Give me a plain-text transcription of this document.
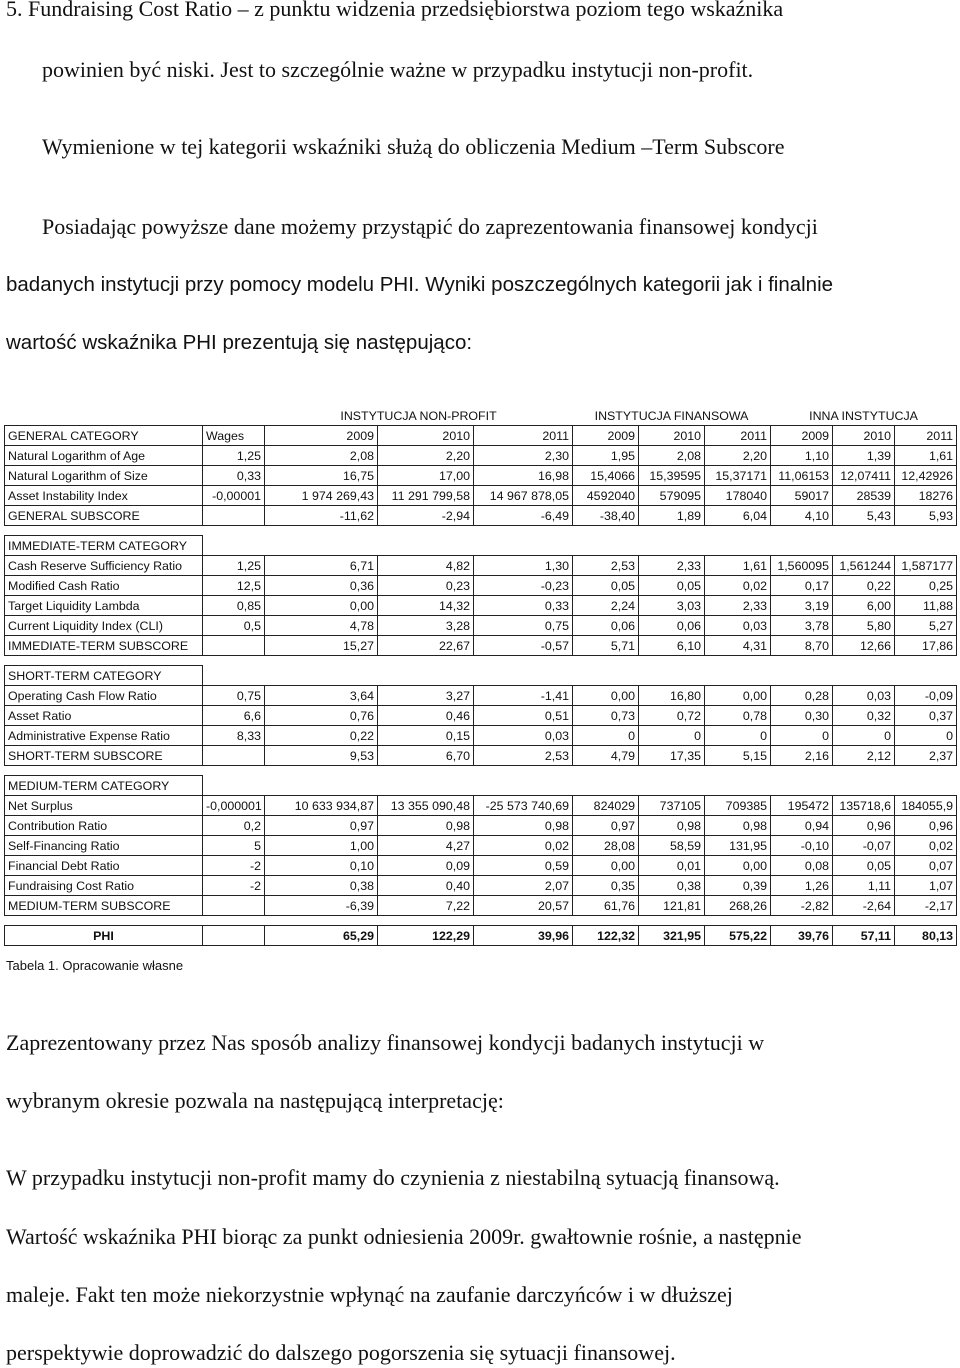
5. Fundraising Cost Ratio – z punktu widzenia przedsiębiorstwa poziom tego wskaźnika
powinien być niski. Jest to szczególnie ważne w przypadku instytucji non-profit.
Wymienione w tej kategorii wskaźniki służą do obliczenia Medium –Term Subscore
Posiadając powyższe dane możemy przystąpić do zaprezentowania finansowej kondycji
badanych instytucji przy pomocy modelu PHI. Wyniki poszczególnych kategorii jak i finalnie
wartość wskaźnika PHI prezentują się następująco:
		INSTYTUCJA NON-PROFIT			INSTYTUCJA FINANSOWA			INNA INSTYTUCJA		
GENERAL CATEGORY	Wages	2009	2010	2011	2009	2010	2011	2009	2010	2011
Natural Logarithm of Age	1,25	2,08	2,20	2,30	1,95	2,08	2,20	1,10	1,39	1,61
Natural Logarithm of Size	0,33	16,75	17,00	16,98	15,4066	15,39595	15,37171	11,06153	12,07411	12,42926
Asset Instability Index	-0,00001	1 974 269,43	11 291 799,58	14 967 878,05	4592040	579095	178040	59017	28539	18276
GENERAL SUBSCORE		-11,62	-2,94	-6,49	-38,40	1,89	6,04	4,10	5,43	5,93

IMMEDIATE-TERM CATEGORY										
Cash Reserve Sufficiency Ratio	1,25	6,71	4,82	1,30	2,53	2,33	1,61	1,560095	1,561244	1,587177
Modified Cash Ratio	12,5	0,36	0,23	-0,23	0,05	0,05	0,02	0,17	0,22	0,25
Target Liquidity Lambda	0,85	0,00	14,32	0,33	2,24	3,03	2,33	3,19	6,00	11,88
Current Liquidity Index (CLI)	0,5	4,78	3,28	0,75	0,06	0,06	0,03	3,78	5,80	5,27
IMMEDIATE-TERM SUBSCORE		15,27	22,67	-0,57	5,71	6,10	4,31	8,70	12,66	17,86

SHORT-TERM CATEGORY										
Operating Cash Flow Ratio	0,75	3,64	3,27	-1,41	0,00	16,80	0,00	0,28	0,03	-0,09
Asset Ratio	6,6	0,76	0,46	0,51	0,73	0,72	0,78	0,30	0,32	0,37
Administrative Expense Ratio	8,33	0,22	0,15	0,03	0	0	0	0	0	0
SHORT-TERM SUBSCORE		9,53	6,70	2,53	4,79	17,35	5,15	2,16	2,12	2,37

MEDIUM-TERM CATEGORY										
Net Surplus	-0,000001	10 633 934,87	13 355 090,48	-25 573 740,69	824029	737105	709385	195472	135718,6	184055,9
Contribution Ratio	0,2	0,97	0,98	0,98	0,97	0,98	0,98	0,94	0,96	0,96
Self-Financing Ratio	5	1,00	4,27	0,02	28,08	58,59	131,95	-0,10	-0,07	0,02
Financial Debt Ratio	-2	0,10	0,09	0,59	0,00	0,01	0,00	0,08	0,05	0,07
Fundraising Cost Ratio	-2	0,38	0,40	2,07	0,35	0,38	0,39	1,26	1,11	1,07
MEDIUM-TERM SUBSCORE		-6,39	7,22	20,57	61,76	121,81	268,26	-2,82	-2,64	-2,17

PHI		65,29	122,29	39,96	122,32	321,95	575,22	39,76	57,11	80,13
Tabela 1. Opracowanie własne
Zaprezentowany przez Nas sposób analizy finansowej kondycji badanych instytucji w
wybranym okresie pozwala na następującą interpretację:
W przypadku instytucji non-profit mamy do czynienia z niestabilną sytuacją finansową.
Wartość wskaźnika PHI biorąc za punkt odniesienia 2009r. gwałtownie rośnie, a następnie
maleje. Fakt ten może niekorzystnie wpłynąć na zaufanie darczyńców i w dłuższej
perspektywie doprowadzić do dalszego pogorszenia się sytuacji finansowej.
